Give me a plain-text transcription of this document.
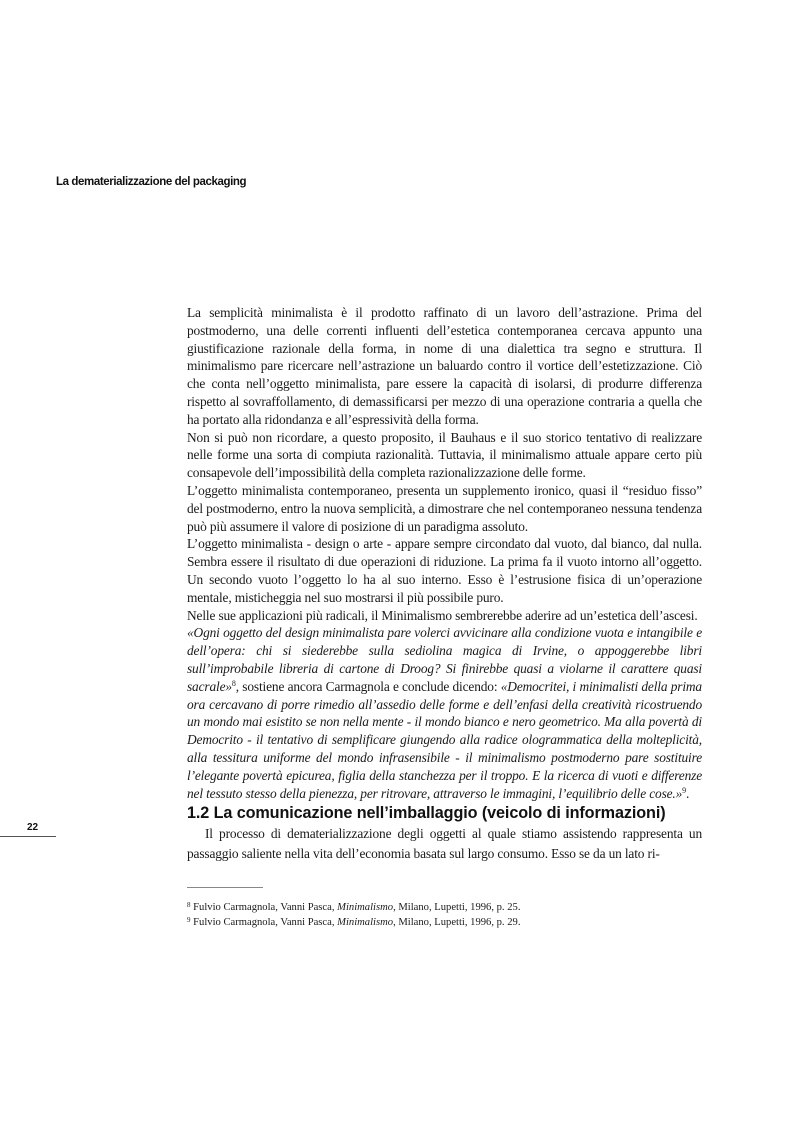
La dematerializzazione del packaging

La semplicità minimalista è il prodotto raffinato di un lavoro dell’astrazione. Prima del postmoderno, una delle correnti influenti dell’estetica contemporanea cercava appunto una giustificazione razionale della forma, in nome di una dialettica tra segno e struttura. Il minimalismo pare ricercare nell’astrazione un baluardo contro il vortice dell’estetizzazione. Ciò che conta nell’oggetto minimalista, pare essere la capacità di isolarsi, di produrre differenza rispetto al sovraffollamento, di demassificarsi per mezzo di una operazione contraria a quella che ha portato alla ridondanza e all’espressività della forma.

Non si può non ricordare, a questo proposito, il Bauhaus e il suo storico tentativo di realizzare nelle forme una sorta di compiuta razionalità. Tuttavia, il minimalismo attuale appare certo più consapevole dell’impossibilità della completa razionalizzazione delle forme.

L’oggetto minimalista contemporaneo, presenta un supplemento ironico, quasi il “residuo fisso” del postmoderno, entro la nuova semplicità, a dimostrare che nel contemporaneo nessuna tendenza può più assumere il valore di posizione di un paradigma assoluto.

L’oggetto minimalista - design o arte - appare sempre circondato dal vuoto, dal bianco, dal nulla. Sembra essere il risultato di due operazioni di riduzione. La prima fa il vuoto intorno all’oggetto. Un secondo vuoto l’oggetto lo ha al suo interno. Esso è l’estrusione fisica di un’operazione mentale, misticheggia nel suo mostrarsi il più possibile puro.

Nelle sue applicazioni più radicali, il Minimalismo sembrerebbe aderire ad un’estetica dell’ascesi.

«Ogni oggetto del design minimalista pare volerci avvicinare alla condizione vuota e intangibile e dell’opera: chi si siederebbe sulla sediolina magica di Irvine, o appoggerebbe libri sull’improbabile libreria di cartone di Droog? Si finirebbe quasi a violarne il carattere quasi sacrale»$^8$, sostiene ancora Carmagnola e conclude dicendo: «Democritei, i minimalisti della prima ora cercavano di porre rimedio all’assedio delle forme e dell’enfasi della creatività ricostruendo un mondo mai esistito se non nella mente - il mondo bianco e nero geometrico. Ma alla povertà di Democrito - il tentativo di semplificare giungendo alla radice ologrammatica della molteplicità, alla tessitura uniforme del mondo infrasensibile - il minimalismo postmoderno pare sostituire l’elegante povertà epicurea, figlia della stanchezza per il troppo. E la ricerca di vuoti e differenze nel tessuto stesso della pienezza, per ritrovare, attraverso le immagini, l’equilibrio delle cose.»$^9$.

22
1.2 La comunicazione nell’imballaggio (veicolo di informazioni)

Il processo di dematerializzazione degli oggetti al quale stiamo assistendo rappresenta un passaggio saliente nella vita dell’economia basata sul largo consumo. Esso se da un lato ri-

$^8$ Fulvio Carmagnola, Vanni Pasca, Minimalismo, Milano, Lupetti, 1996, p. 25.

$^9$ Fulvio Carmagnola, Vanni Pasca, Minimalismo, Milano, Lupetti, 1996, p. 29.
